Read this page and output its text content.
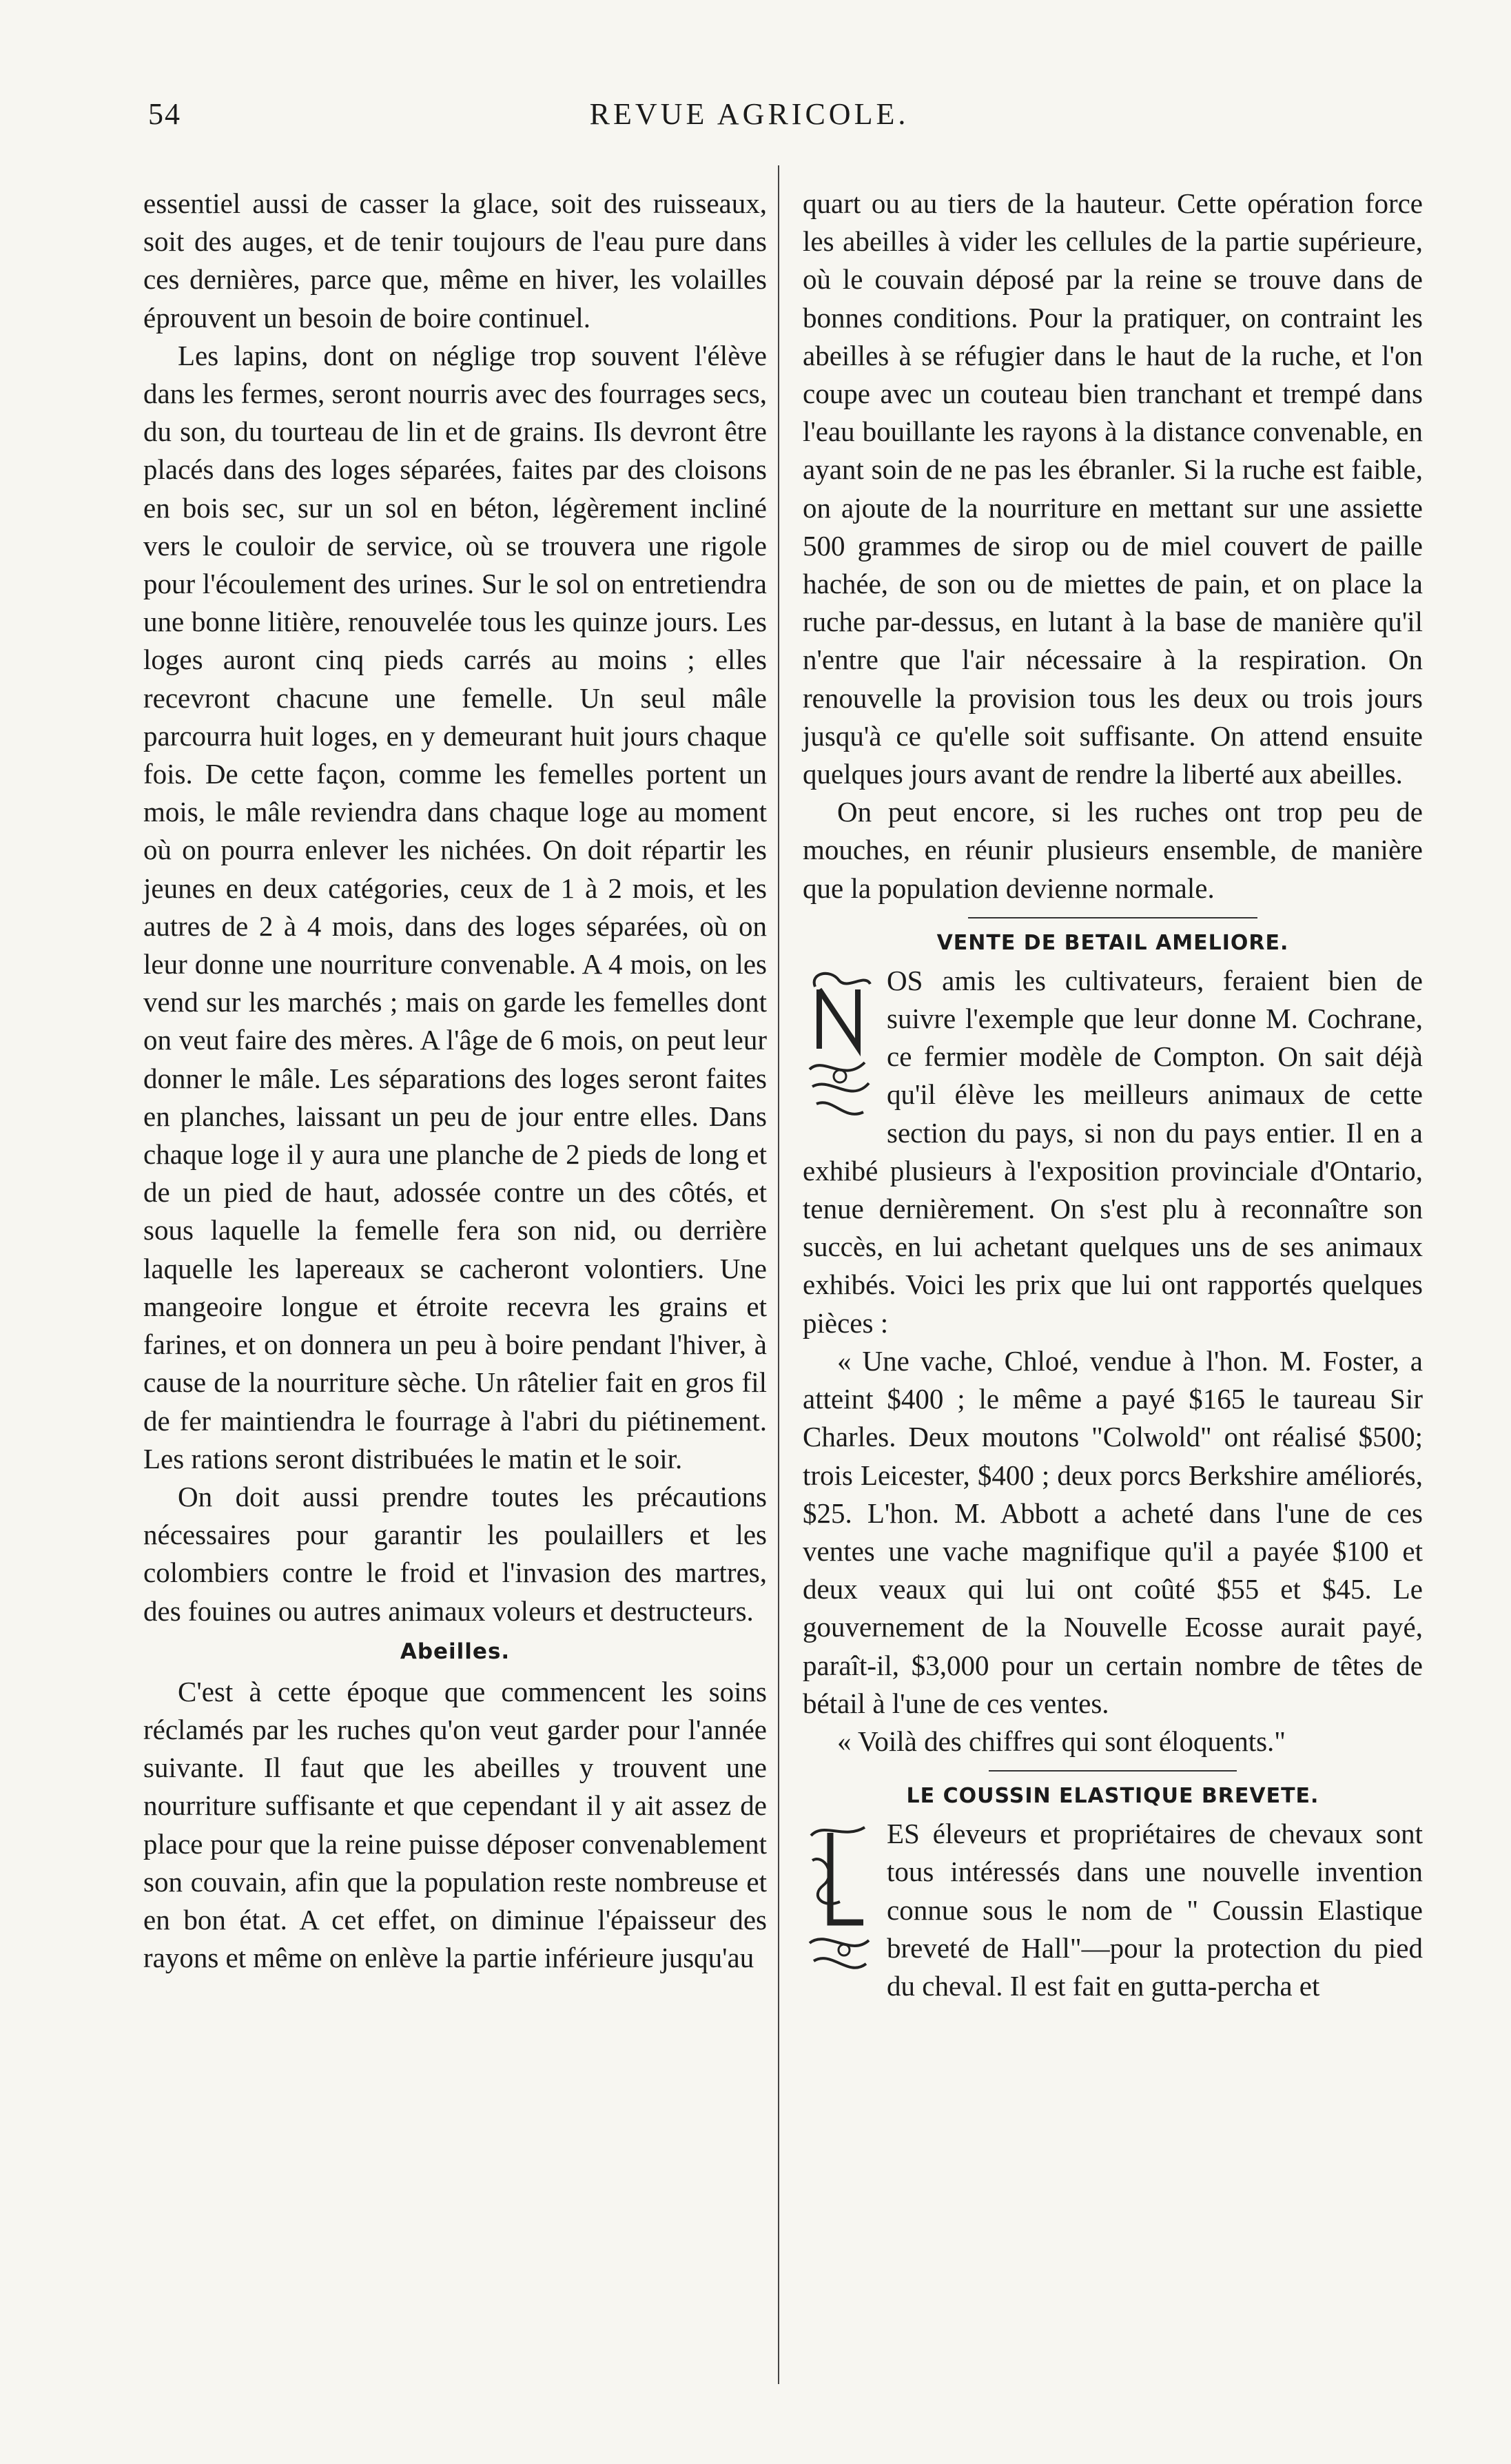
54	REVUE AGRICOLE.

essentiel aussi de casser la glace, soit des ruisseaux, soit des auges, et de tenir toujours de l'eau pure dans ces dernières, parce que, même en hiver, les volailles éprouvent un besoin de boire continuel.

Les lapins, dont on néglige trop souvent l'élève dans les fermes, seront nourris avec des fourrages secs, du son, du tourteau de lin et de grains. Ils devront être placés dans des loges séparées, faites par des cloisons en bois sec, sur un sol en béton, légèrement incliné vers le couloir de service, où se trouvera une rigole pour l'écoulement des urines. Sur le sol on entretiendra une bonne litière, renouvelée tous les quinze jours. Les loges auront cinq pieds carrés au moins ; elles recevront chacune une femelle. Un seul mâle parcourra huit loges, en y demeurant huit jours chaque fois. De cette façon, comme les femelles portent un mois, le mâle reviendra dans chaque loge au moment où on pourra enlever les nichées. On doit répartir les jeunes en deux catégories, ceux de 1 à 2 mois, et les autres de 2 à 4 mois, dans des loges séparées, où on leur donne une nourriture convenable. A 4 mois, on les vend sur les marchés ; mais on garde les femelles dont on veut faire des mères. A l'âge de 6 mois, on peut leur donner le mâle. Les séparations des loges seront faites en planches, laissant un peu de jour entre elles. Dans chaque loge il y aura une planche de 2 pieds de long et de un pied de haut, adossée contre un des côtés, et sous laquelle la femelle fera son nid, ou derrière laquelle les lapereaux se cacheront volontiers. Une mangeoire longue et étroite recevra les grains et farines, et on donnera un peu à boire pendant l'hiver, à cause de la nourriture sèche. Un râtelier fait en gros fil de fer maintiendra le fourrage à l'abri du piétinement. Les rations seront distribuées le matin et le soir.

On doit aussi prendre toutes les précautions nécessaires pour garantir les poulaillers et les colombiers contre le froid et l'invasion des martres, des fouines ou autres animaux voleurs et destructeurs.

Abeilles.

C'est à cette époque que commencent les soins réclamés par les ruches qu'on veut garder pour l'année suivante. Il faut que les abeilles y trouvent une nourriture suffisante et que cependant il y ait assez de place pour que la reine puisse déposer convenablement son couvain, afin que la population reste nombreuse et en bon état. A cet effet, on diminue l'épaisseur des rayons et même on enlève la partie inférieure jusqu'au

quart ou au tiers de la hauteur. Cette opération force les abeilles à vider les cellules de la partie supérieure, où le couvain déposé par la reine se trouve dans de bonnes conditions. Pour la pratiquer, on contraint les abeilles à se réfugier dans le haut de la ruche, et l'on coupe avec un couteau bien tranchant et trempé dans l'eau bouillante les rayons à la distance convenable, en ayant soin de ne pas les ébranler. Si la ruche est faible, on ajoute de la nourriture en mettant sur une assiette 500 grammes de sirop ou de miel couvert de paille hachée, de son ou de miettes de pain, et on place la ruche par-dessus, en lutant à la base de manière qu'il n'entre que l'air nécessaire à la respiration. On renouvelle la provision tous les deux ou trois jours jusqu'à ce qu'elle soit suffisante. On attend ensuite quelques jours avant de rendre la liberté aux abeilles.

On peut encore, si les ruches ont trop peu de mouches, en réunir plusieurs ensemble, de manière que la population devienne normale.

VENTE DE BETAIL AMELIORE.

OS amis les cultivateurs, feraient bien de suivre l'exemple que leur donne M. Cochrane, ce fermier modèle de Compton. On sait déjà qu'il élève les meilleurs animaux de cette section du pays, si non du pays entier. Il en a exhibé plusieurs à l'exposition provinciale d'Ontario, tenue dernièrement. On s'est plu à reconnaître son succès, en lui achetant quelques uns de ses animaux exhibés. Voici les prix que lui ont rapportés quelques pièces :

« Une vache, Chloé, vendue à l'hon. M. Foster, a atteint $400 ; le même a payé $165 le taureau Sir Charles. Deux moutons "Colwold" ont réalisé $500; trois Leicester, $400 ; deux porcs Berkshire améliorés, $25. L'hon. M. Abbott a acheté dans l'une de ces ventes une vache magnifique qu'il a payée $100 et deux veaux qui lui ont coûté $55 et $45. Le gouvernement de la Nouvelle Ecosse aurait payé, paraît-il, $3,000 pour un certain nombre de têtes de bétail à l'une de ces ventes.

« Voilà des chiffres qui sont éloquents."

LE COUSSIN ELASTIQUE BREVETE.

ES éleveurs et propriétaires de chevaux sont tous intéressés dans une nouvelle invention connue sous le nom de " Coussin Elastique breveté de Hall"—pour la protection du pied du cheval. Il est fait en gutta-percha et
